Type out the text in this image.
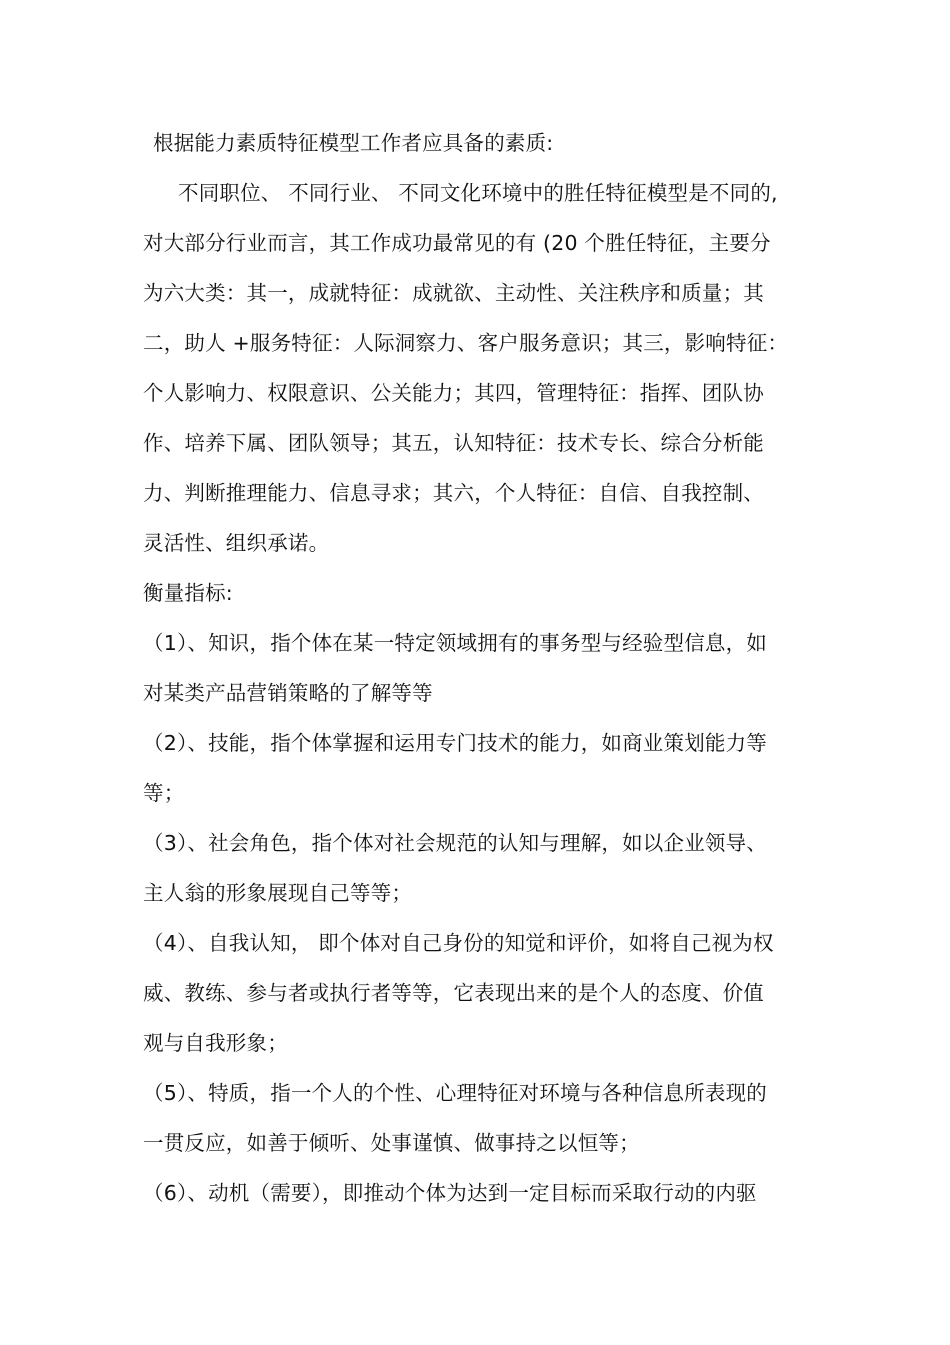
根据能力素质特征模型工作者应具备的素质:
不同职位、 不同行业、 不同文化环境中的胜任特征模型是不同的,
对大部分行业而言，其工作成功最常见的有 (20 个胜任特征，主要分
为六大类：其一，成就特征：成就欲、主动性、关注秩序和质量；其
二，助人 +服务特征：人际洞察力、客户服务意识；其三，影响特征：
个人影响力、权限意识、公关能力；其四，管理特征：指挥、团队协
作、培养下属、团队领导；其五，认知特征：技术专长、综合分析能
力、判断推理能力、信息寻求；其六，个人特征：自信、自我控制、
灵活性、组织承诺。
衡量指标:
（1）、知识，指个体在某一特定领域拥有的事务型与经验型信息，如
对某类产品营销策略的了解等等
（2）、技能，指个体掌握和运用专门技术的能力，如商业策划能力等
等；
（3）、社会角色，指个体对社会规范的认知与理解，如以企业领导、
主人翁的形象展现自己等等；
（4）、自我认知， 即个体对自己身份的知觉和评价，如将自己视为权
威、教练、参与者或执行者等等，它表现出来的是个人的态度、价值
观与自我形象；
（5）、特质，指一个人的个性、心理特征对环境与各种信息所表现的
一贯反应，如善于倾听、处事谨慎、做事持之以恒等；
（6）、动机（需要），即推动个体为达到一定目标而采取行动的内驱
